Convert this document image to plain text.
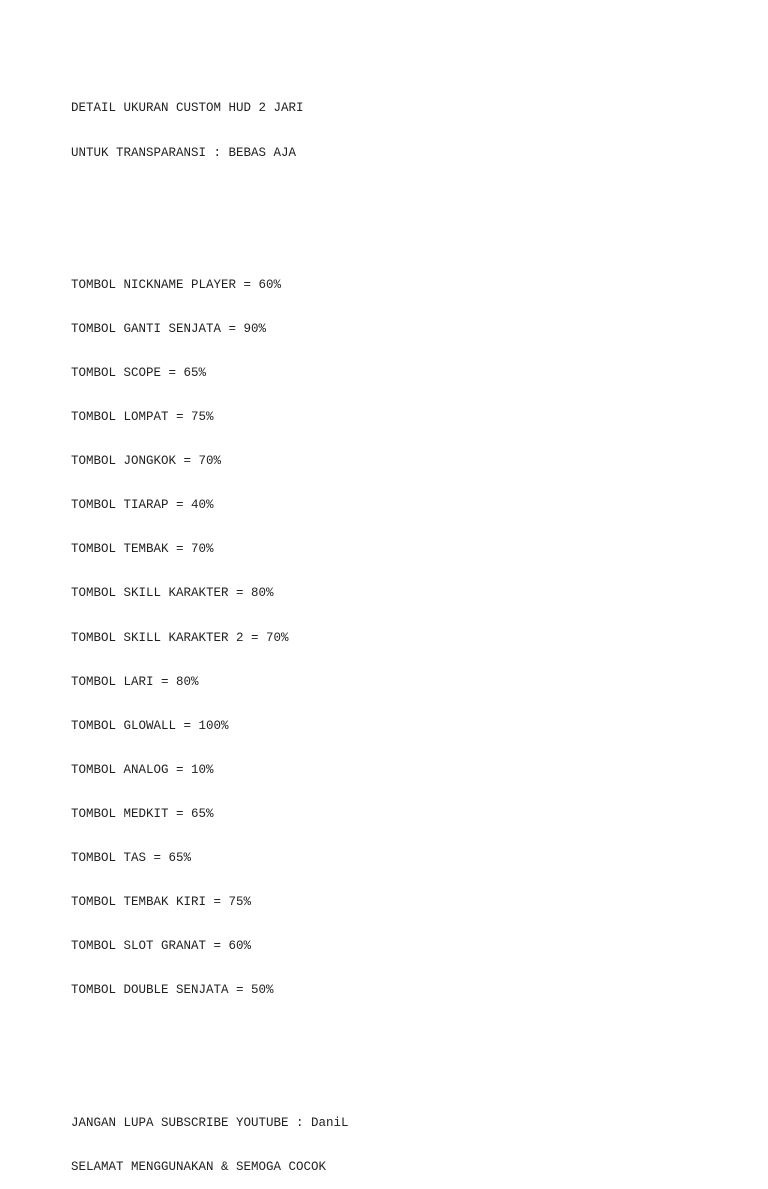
DETAIL UKURAN CUSTOM HUD 2 JARI

UNTUK TRANSPARANSI : BEBAS AJA

TOMBOL NICKNAME PLAYER = 60%

TOMBOL GANTI SENJATA = 90%

TOMBOL SCOPE = 65%

TOMBOL LOMPAT = 75%

TOMBOL JONGKOK = 70%

TOMBOL TIARAP = 40%

TOMBOL TEMBAK = 70%

TOMBOL SKILL KARAKTER = 80%

TOMBOL SKILL KARAKTER 2 = 70%

TOMBOL LARI = 80%

TOMBOL GLOWALL = 100%

TOMBOL ANALOG = 10%

TOMBOL MEDKIT = 65%

TOMBOL TAS = 65%

TOMBOL TEMBAK KIRI = 75%

TOMBOL SLOT GRANAT = 60%

TOMBOL DOUBLE SENJATA = 50%

JANGAN LUPA SUBSCRIBE YOUTUBE : DaniL

SELAMAT MENGGUNAKAN & SEMOGA COCOK
